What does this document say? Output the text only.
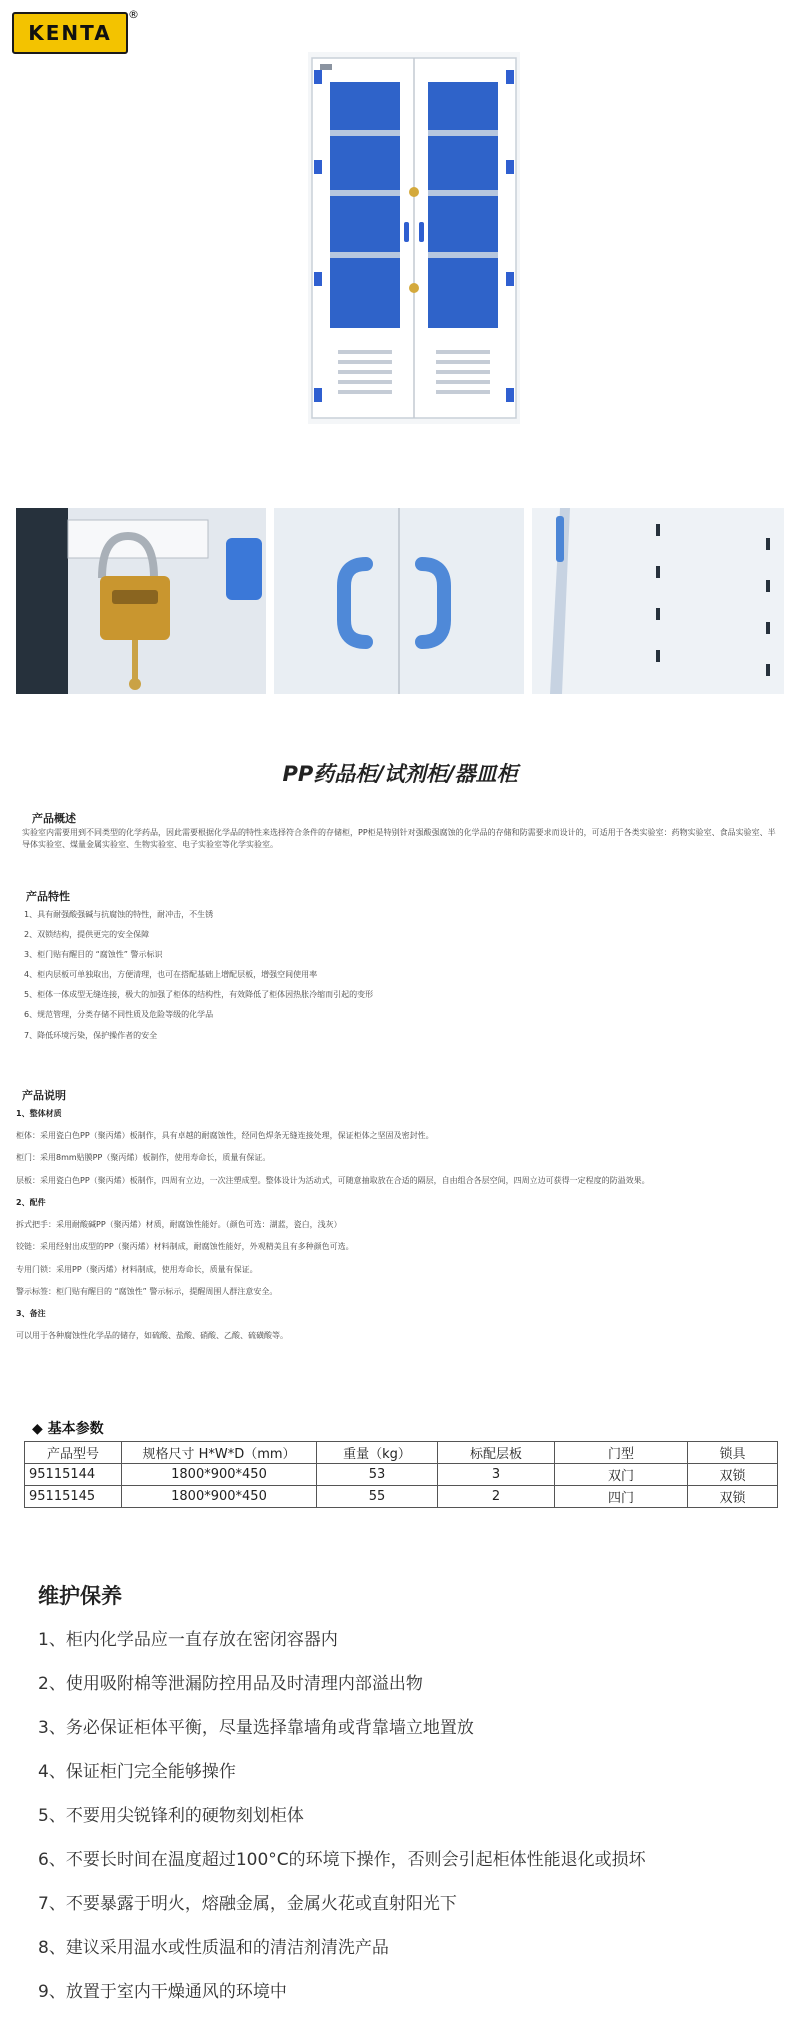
KENTA
®
PP药品柜/试剂柜/器皿柜
产品概述
实验室内需要用到不同类型的化学药品，因此需要根据化学品的特性来选择符合条件的存储柜，PP柜是特别针对强酸强腐蚀的化学品的存储和防需要求而设计的，可适用于各类实验室：药物实验室、食品实验室、半导体实验室、煤量金属实验室、生物实验室、电子实验室等化学实验室。
产品特性
1、具有耐强酸强碱与抗腐蚀的特性，耐冲击，不生锈
2、双锁结构，提供更完的安全保障
3、柜门贴有醒目的 “腐蚀性” 警示标识
4、柜内层板可单独取出，方便清理，也可在搭配基础上增配层板，增强空间使用率
5、柜体一体成型无缝连接，极大的加强了柜体的结构性，有效降低了柜体因热胀冷缩而引起的变形
6、规范管理，分类存储不同性质及危险等级的化学品
7、降低环境污染，保护操作者的安全
产品说明
1、整体材质
柜体：采用瓷白色PP（聚丙烯）板制作，具有卓越的耐腐蚀性，经同色焊条无缝连接处理，保证柜体之坚固及密封性。
柜门：采用8mm贴膜PP（聚丙烯）板制作，使用寿命长，质量有保证。
层板：采用瓷白色PP（聚丙烯）板制作，四周有立边，一次注塑成型。整体设计为活动式，可随意抽取放在合适的隔层，自由组合各层空间，四周立边可获得一定程度的防溢效果。
2、配件
拆式把手：采用耐酸碱PP（聚丙烯）材质，耐腐蚀性能好。（颜色可选：湖蓝，瓷白，浅灰）
铰链：采用经射出成型的PP（聚丙烯）材料制成，耐腐蚀性能好，外观精美且有多种颜色可选。
专用门锁：采用PP（聚丙烯）材料制成，使用寿命长，质量有保证。
警示标签：柜门贴有醒目的 “腐蚀性” 警示标示，提醒周围人群注意安全。
3、备注
可以用于各种腐蚀性化学品的储存，如硫酸、盐酸、硝酸、乙酸、硫磺酸等。
◆ 基本参数
产品型号	规格尺寸 H*W*D（mm）	重量（kg）	标配层板	门型	锁具
95115144	1800*900*450	53	3	双门	双锁
95115145	1800*900*450	55	2	四门	双锁
维护保养
1、柜内化学品应一直存放在密闭容器内
2、使用吸附棉等泄漏防控用品及时清理内部溢出物
3、务必保证柜体平衡，尽量选择靠墙角或背靠墙立地置放
4、保证柜门完全能够操作
5、不要用尖锐锋利的硬物刻划柜体
6、不要长时间在温度超过100°C的环境下操作，否则会引起柜体性能退化或损坏
7、不要暴露于明火，熔融金属，金属火花或直射阳光下
8、建议采用温水或性质温和的清洁剂清洗产品
9、放置于室内干燥通风的环境中
